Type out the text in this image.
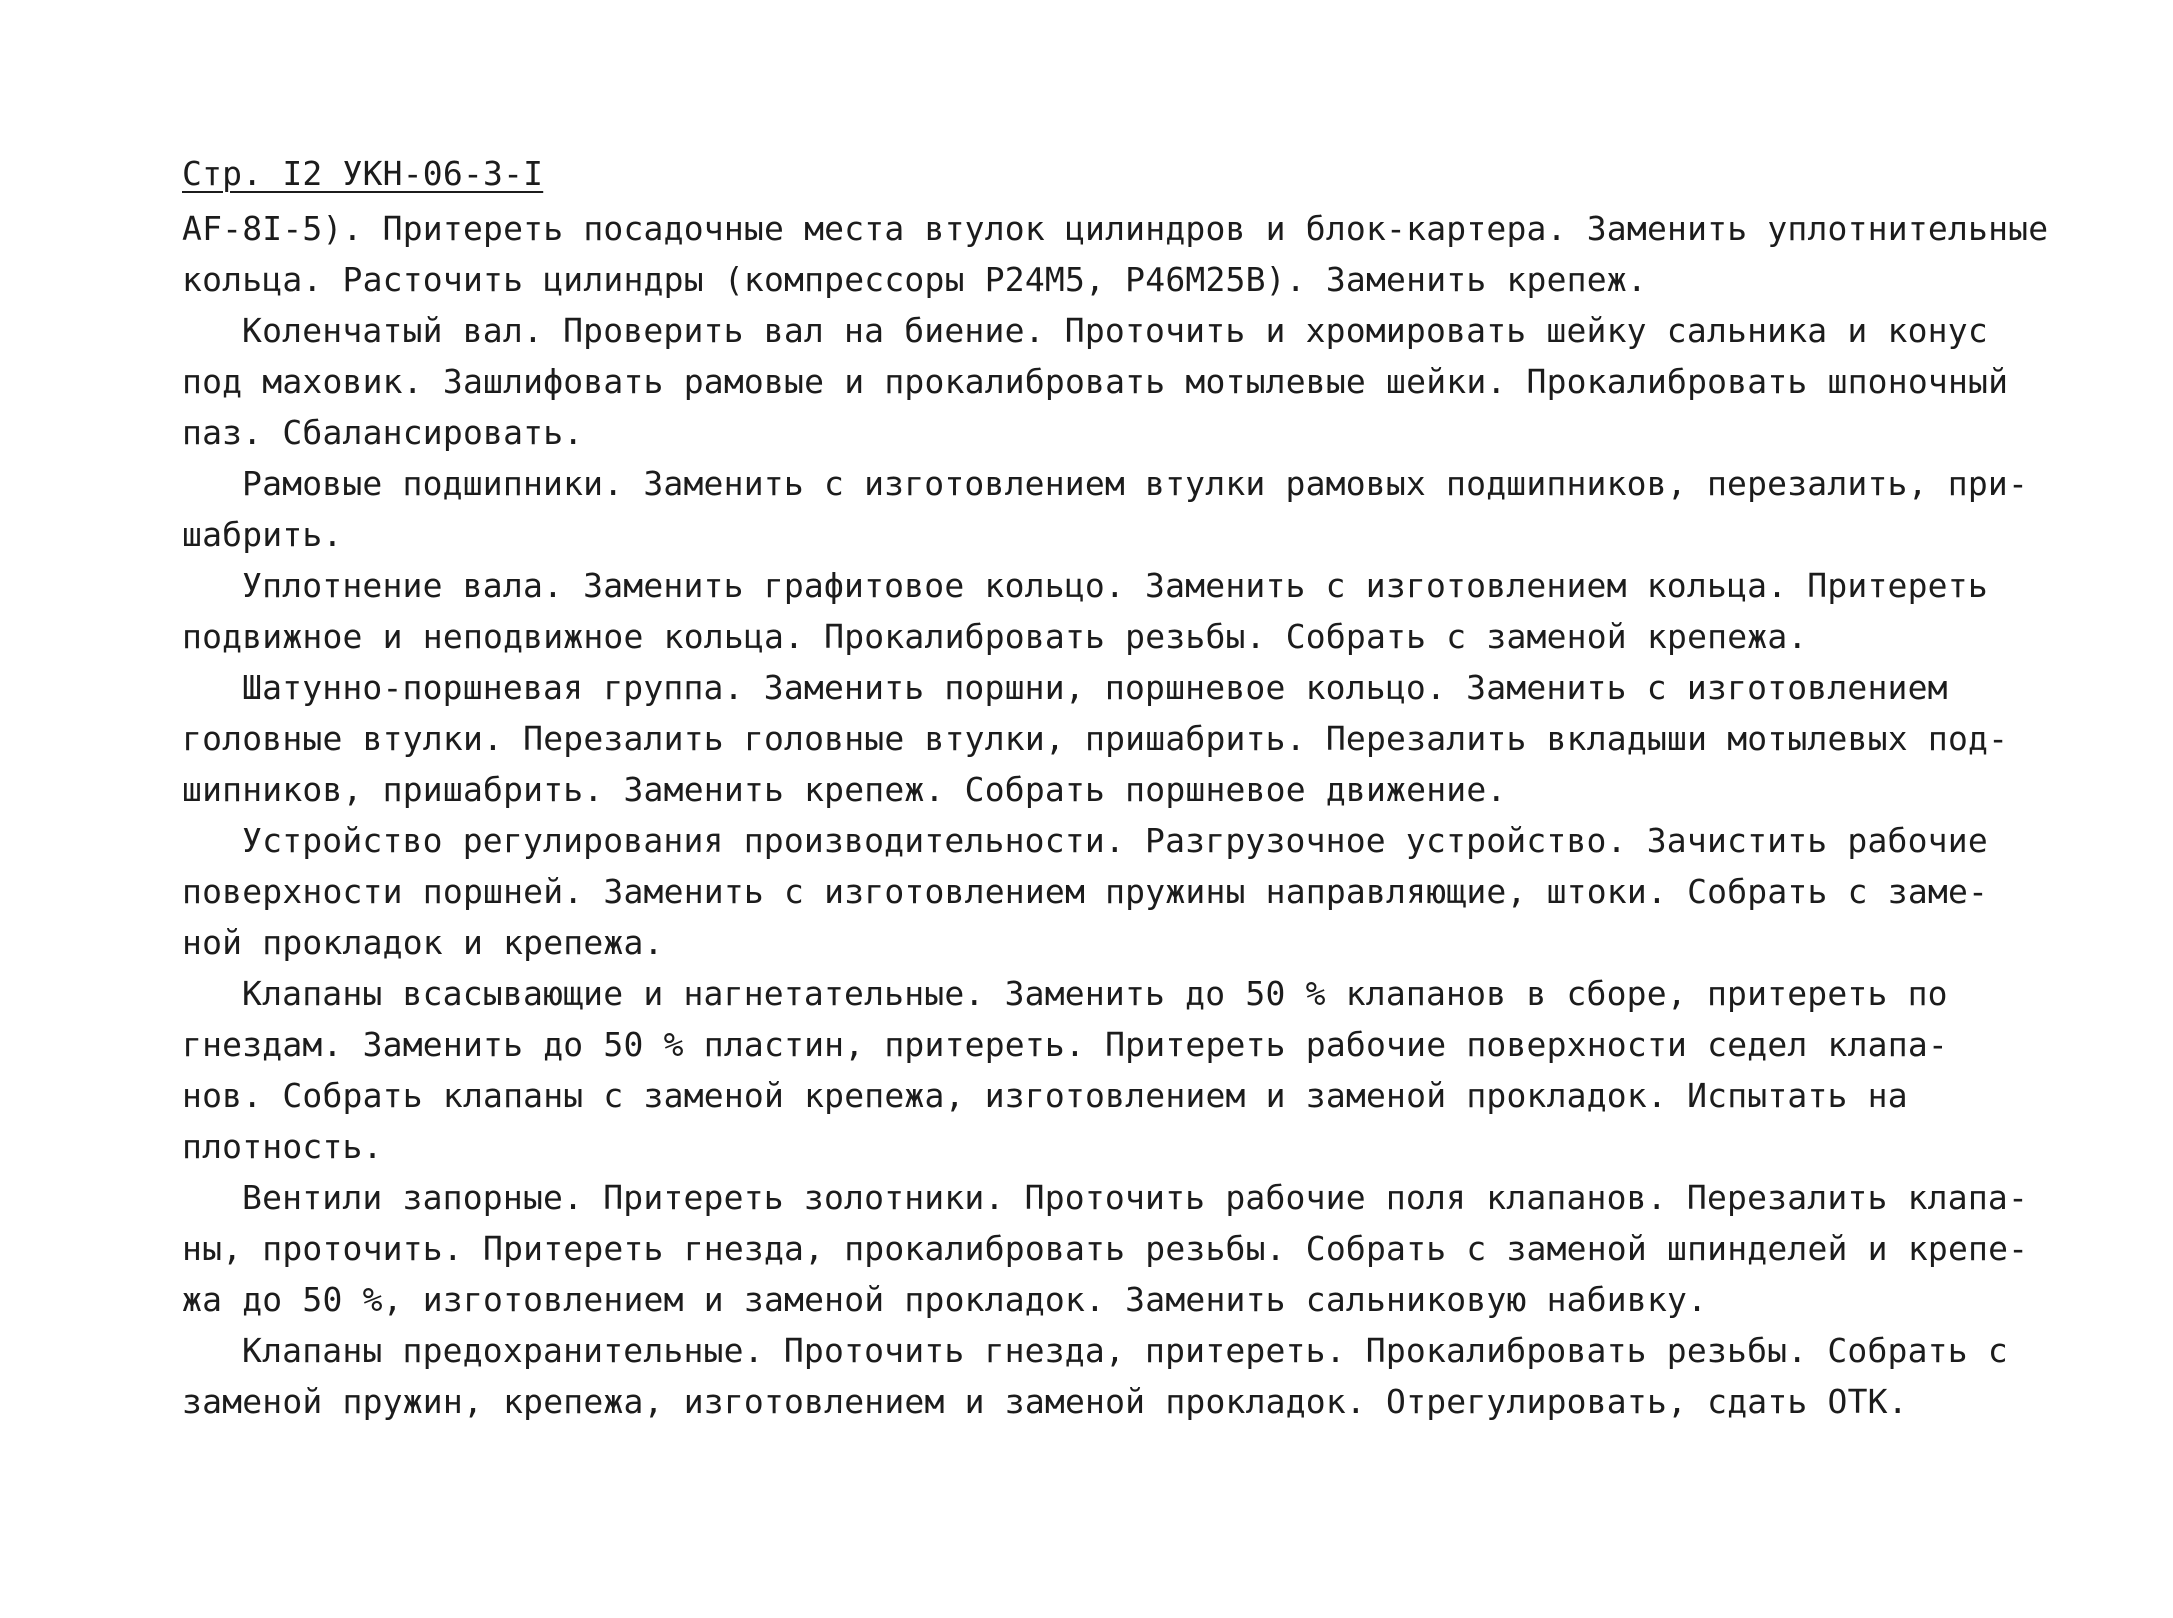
Стр. I2 УКН-06-3-I
AF-8I-5). Притереть посадочные места втулок цилиндров и блок-картера. Заменить уплотнительные
кольца. Расточить цилиндры (компрессоры P24M5, P46M25B). Заменить крепеж.
Коленчатый вал. Проверить вал на биение. Проточить и хромировать шейку сальника и конус
под маховик. Зашлифовать рамовые и прокалибровать мотылевые шейки. Прокалибровать шпоночный
паз. Сбалансировать.
Рамовые подшипники. Заменить с изготовлением втулки рамовых подшипников, перезалить, при-
шабрить.
Уплотнение вала. Заменить графитовое кольцо. Заменить с изготовлением кольца. Притереть
подвижное и неподвижное кольца. Прокалибровать резьбы. Собрать с заменой крепежа.
Шатунно-поршневая группа. Заменить поршни, поршневое кольцо. Заменить с изготовлением
головные втулки. Перезалить головные втулки, пришабрить. Перезалить вкладыши мотылевых под-
шипников, пришабрить. Заменить крепеж. Собрать поршневое движение.
Устройство регулирования производительности. Разгрузочное устройство. Зачистить рабочие
поверхности поршней. Заменить с изготовлением пружины направляющие, штоки. Собрать с заме-
ной прокладок и крепежа.
Клапаны всасывающие и нагнетательные. Заменить до 50 % клапанов в сборе, притереть по
гнездам. Заменить до 50 % пластин, притереть. Притереть рабочие поверхности седел клапа-
нов. Собрать клапаны с заменой крепежа, изготовлением и заменой прокладок. Испытать на
плотность.
Вентили запорные. Притереть золотники. Проточить рабочие поля клапанов. Перезалить клапа-
ны, проточить. Притереть гнезда, прокалибровать резьбы. Собрать с заменой шпинделей и крепе-
жа до 50 %, изготовлением и заменой прокладок. Заменить сальниковую набивку.
Клапаны предохранительные. Проточить гнезда, притереть. Прокалибровать резьбы. Собрать с
заменой пружин, крепежа, изготовлением и заменой прокладок. Отрегулировать, сдать ОТК.
